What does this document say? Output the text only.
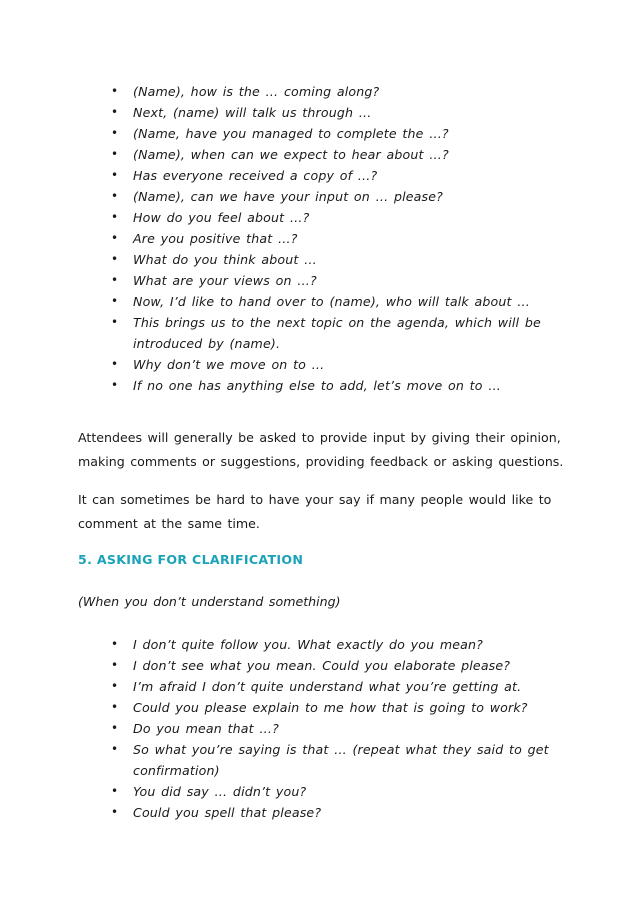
• (Name), how is the … coming along?
• Next, (name) will talk us through …
• (Name, have you managed to complete the …?
• (Name), when can we expect to hear about …?
• Has everyone received a copy of …?
• (Name), can we have your input on … please?
• How do you feel about …?
• Are you positive that …?
• What do you think about …
• What are your views on …?
• Now, I’d like to hand over to (name), who will talk about …
• This brings us to the next topic on the agenda, which will be introduced by (name).
• Why don’t we move on to …
• If no one has anything else to add, let’s move on to …

Attendees will generally be asked to provide input by giving their opinion, making comments or suggestions, providing feedback or asking questions.

It can sometimes be hard to have your say if many people would like to comment at the same time.

5. ASKING FOR CLARIFICATION

(When you don’t understand something)

• I don’t quite follow you. What exactly do you mean?
• I don’t see what you mean. Could you elaborate please?
• I’m afraid I don’t quite understand what you’re getting at.
• Could you please explain to me how that is going to work?
• Do you mean that …?
• So what you’re saying is that … (repeat what they said to get confirmation)
• You did say … didn’t you?
• Could you spell that please?
